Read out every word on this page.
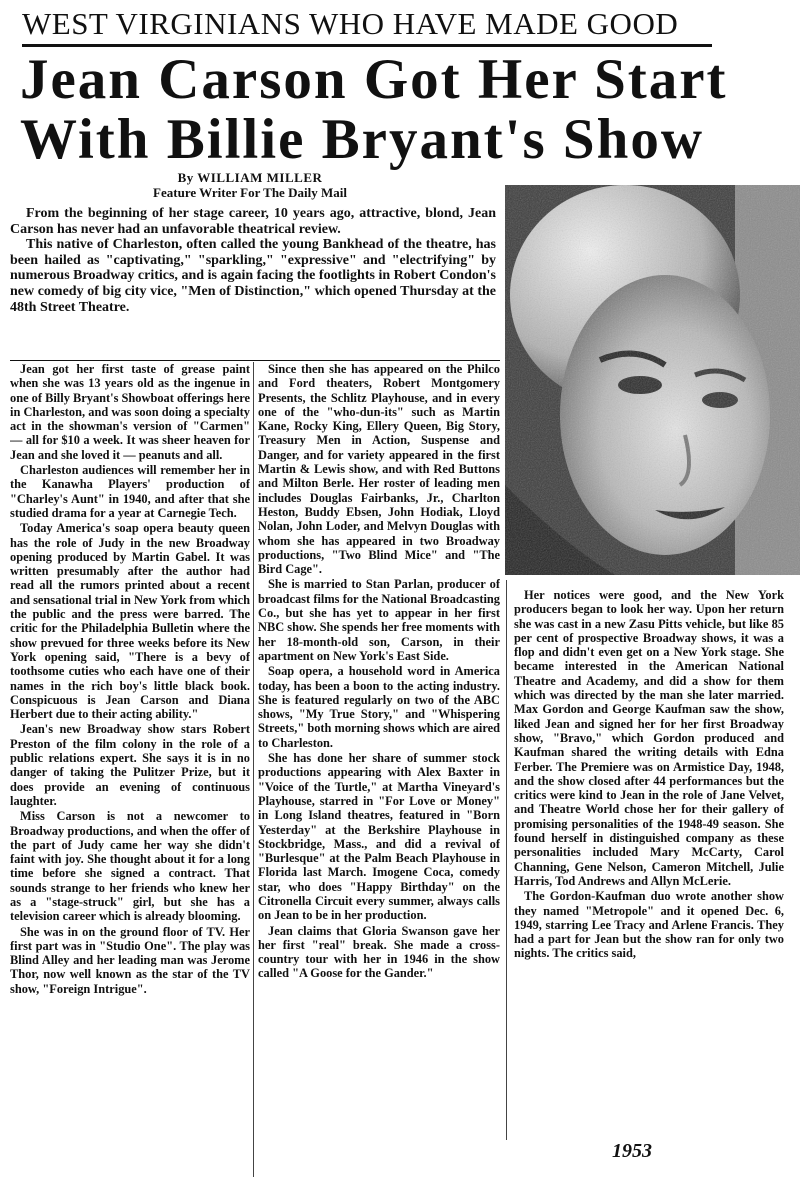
WEST VIRGINIANS WHO HAVE MADE GOOD
Jean Carson Got Her Start
With Billie Bryant's Show
By WILLIAM MILLER
Feature Writer For The Daily Mail

From the beginning of her stage career, 10 years ago, attractive, blond, Jean Carson has never had an unfavorable theatrical review.

This native of Charleston, often called the young Bankhead of the theatre, has been hailed as "captivating," "sparkling," "expressive" and "electrifying" by numerous Broadway critics, and is again facing the footlights in Robert Condon's new comedy of big city vice, "Men of Distinction," which opened Thursday at the 48th Street Theatre.

Jean got her first taste of grease paint when she was 13 years old as the ingenue in one of Billy Bryant's Showboat offerings here in Charleston, and was soon doing a specialty act in the showman's version of "Carmen" — all for $10 a week. It was sheer heaven for Jean and she loved it — peanuts and all.

Charleston audiences will remember her in the Kanawha Players' production of "Charley's Aunt" in 1940, and after that she studied drama for a year at Carnegie Tech.

Today America's soap opera beauty queen has the role of Judy in the new Broadway opening produced by Martin Gabel. It was written presumably after the author had read all the rumors printed about a recent and sensational trial in New York from which the public and the press were barred. The critic for the Philadelphia Bulletin where the show prevued for three weeks before its New York opening said, "There is a bevy of toothsome cuties who each have one of their names in the rich boy's little black book. Conspicuous is Jean Carson and Diana Herbert due to their acting ability."

Jean's new Broadway show stars Robert Preston of the film colony in the role of a public relations expert. She says it is in no danger of taking the Pulitzer Prize, but it does provide an evening of continuous laughter.

Miss Carson is not a newcomer to Broadway productions, and when the offer of the part of Judy came her way she didn't faint with joy. She thought about it for a long time before she signed a contract. That sounds strange to her friends who knew her as a "stage-struck" girl, but she has a television career which is already blooming.

She was in on the ground floor of TV. Her first part was in "Studio One". The play was Blind Alley and her leading man was Jerome Thor, now well known as the star of the TV show, "Foreign Intrigue".

Since then she has appeared on the Philco and Ford theaters, Robert Montgomery Presents, the Schlitz Playhouse, and in every one of the "who-dun-its" such as Martin Kane, Rocky King, Ellery Queen, Big Story, Treasury Men in Action, Suspense and Danger, and for variety appeared in the first Martin & Lewis show, and with Red Buttons and Milton Berle. Her roster of leading men includes Douglas Fairbanks, Jr., Charlton Heston, Buddy Ebsen, John Hodiak, Lloyd Nolan, John Loder, and Melvyn Douglas with whom she has appeared in two Broadway productions, "Two Blind Mice" and "The Bird Cage".

She is married to Stan Parlan, producer of broadcast films for the National Broadcasting Co., but she has yet to appear in her first NBC show. She spends her free moments with her 18-month-old son, Carson, in their apartment on New York's East Side.

Soap opera, a household word in America today, has been a boon to the acting industry. She is featured regularly on two of the ABC shows, "My True Story," and "Whispering Streets," both morning shows which are aired to Charleston.

She has done her share of summer stock productions appearing with Alex Baxter in "Voice of the Turtle," at Martha Vineyard's Playhouse, starred in "For Love or Money" in Long Island theatres, featured in "Born Yesterday" at the Berkshire Playhouse in Stockbridge, Mass., and did a revival of "Burlesque" at the Palm Beach Playhouse in Florida last March. Imogene Coca, comedy star, who does "Happy Birthday" on the Citronella Circuit every summer, always calls on Jean to be in her production.

Jean claims that Gloria Swanson gave her her first "real" break. She made a cross-country tour with her in 1946 in the show called "A Goose for the Gander."

Her notices were good, and the New York producers began to look her way. Upon her return she was cast in a new Zasu Pitts vehicle, but like 85 per cent of prospective Broadway shows, it was a flop and didn't even get on a New York stage. She became interested in the American National Theatre and Academy, and did a show for them which was directed by the man she later married. Max Gordon and George Kaufman saw the show, liked Jean and signed her for her first Broadway show, "Bravo," which Gordon produced and Kaufman shared the writing details with Edna Ferber. The Premiere was on Armistice Day, 1948, and the show closed after 44 performances but the critics were kind to Jean in the role of Jane Velvet, and Theatre World chose her for their gallery of promising personalities of the 1948-49 season. She found herself in distinguished company as these personalities included Mary McCarty, Carol Channing, Gene Nelson, Cameron Mitchell, Julie Harris, Tod Andrews and Allyn McLerie.

The Gordon-Kaufman duo wrote another show they named "Metropole" and it opened Dec. 6, 1949, starring Lee Tracy and Arlene Francis. They had a part for Jean but the show ran for only two nights. The critics said,

1953
